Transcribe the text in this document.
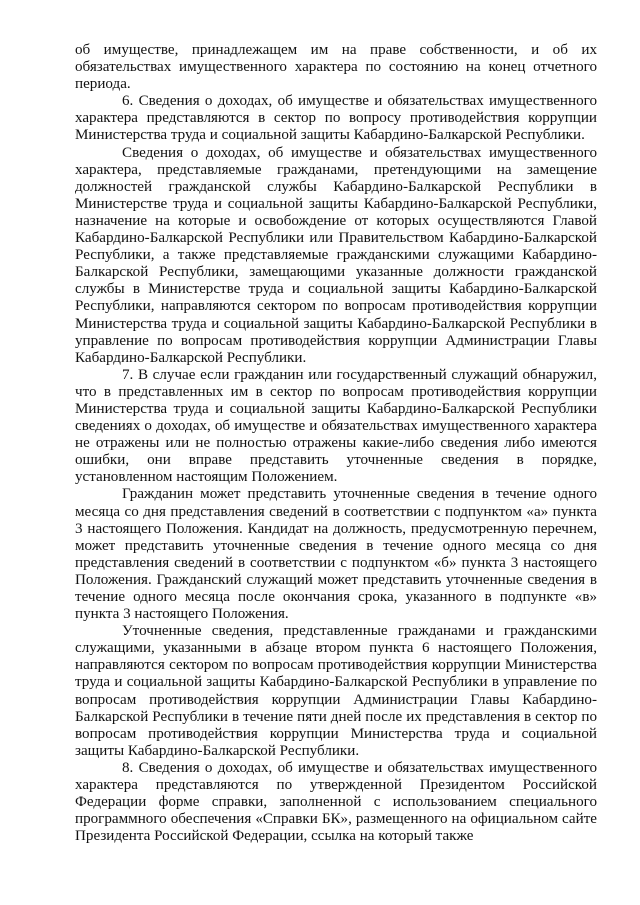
об имуществе, принадлежащем им на праве собственности, и об их обязательствах имущественного характера по состоянию на конец отчетного периода.

6. Сведения о доходах, об имуществе и обязательствах имущественного характера представляются в сектор по вопросу противодействия коррупции Министерства труда и социальной защиты Кабардино-Балкарской Республики.

Сведения о доходах, об имуществе и обязательствах имущественного характера, представляемые гражданами, претендующими на замещение должностей гражданской службы Кабардино-Балкарской Республики в Министерстве труда и социальной защиты Кабардино-Балкарской Республики, назначение на которые и освобождение от которых осуществляются Главой Кабардино-Балкарской Республики или Правительством Кабардино-Балкарской Республики, а также представляемые гражданскими служащими Кабардино-Балкарской Республики, замещающими указанные должности гражданской службы в Министерстве труда и социальной защиты Кабардино-Балкарской Республики, направляются сектором по вопросам противодействия коррупции Министерства труда и социальной защиты Кабардино-Балкарской Республики в управление по вопросам противодействия коррупции Администрации Главы Кабардино-Балкарской Республики.

7. В случае если гражданин или государственный служащий обнаружил, что в представленных им в сектор по вопросам противодействия коррупции Министерства труда и социальной защиты Кабардино-Балкарской Республики сведениях о доходах, об имуществе и обязательствах имущественного характера не отражены или не полностью отражены какие-либо сведения либо имеются ошибки, они вправе представить уточненные сведения в порядке, установленном настоящим Положением.

Гражданин может представить уточненные сведения в течение одного месяца со дня представления сведений в соответствии с подпунктом «а» пункта 3 настоящего Положения. Кандидат на должность, предусмотренную перечнем, может представить уточненные сведения в течение одного месяца со дня представления сведений в соответствии с подпунктом «б» пункта 3 настоящего Положения. Гражданский служащий может представить уточненные сведения в течение одного месяца после окончания срока, указанного в подпункте «в» пункта 3 настоящего Положения.

Уточненные сведения, представленные гражданами и гражданскими служащими, указанными в абзаце втором пункта 6 настоящего Положения, направляются сектором по вопросам противодействия коррупции Министерства труда и социальной защиты Кабардино-Балкарской Республики в управление по вопросам противодействия коррупции Администрации Главы Кабардино-Балкарской Республики в течение пяти дней после их представления в сектор по вопросам противодействия коррупции Министерства труда и социальной защиты Кабардино-Балкарской Республики.

8. Сведения о доходах, об имуществе и обязательствах имущественного характера представляются по утвержденной Президентом Российской Федерации форме справки, заполненной с использованием специального программного обеспечения «Справки БК», размещенного на официальном сайте Президента Российской Федерации, ссылка на который также
